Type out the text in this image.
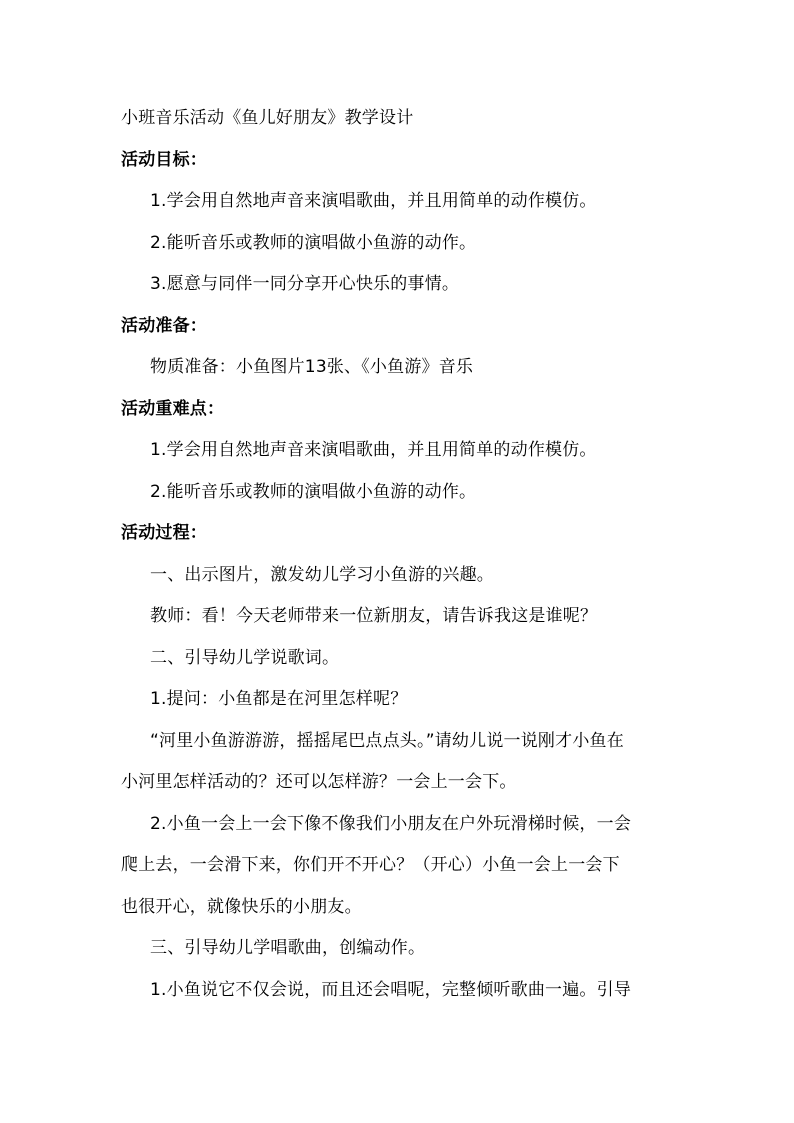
小班音乐活动《鱼儿好朋友》教学设计
活动目标：
1.学会用自然地声音来演唱歌曲，并且用简单的动作模仿。
2.能听音乐或教师的演唱做小鱼游的动作。
3.愿意与同伴一同分享开心快乐的事情。
活动准备：
物质准备：小鱼图片13张、《小鱼游》音乐
活动重难点：
1.学会用自然地声音来演唱歌曲，并且用简单的动作模仿。
2.能听音乐或教师的演唱做小鱼游的动作。
活动过程：
一、出示图片，激发幼儿学习小鱼游的兴趣。
教师：看！今天老师带来一位新朋友，请告诉我这是谁呢？
二、引导幼儿学说歌词。
1.提问：小鱼都是在河里怎样呢？
“河里小鱼游游游，摇摇尾巴点点头。”请幼儿说一说刚才小鱼在
小河里怎样活动的？还可以怎样游？一会上一会下。
2.小鱼一会上一会下像不像我们小朋友在户外玩滑梯时候，一会
爬上去，一会滑下来，你们开不开心？（开心）小鱼一会上一会下
也很开心，就像快乐的小朋友。
三、引导幼儿学唱歌曲，创编动作。
1.小鱼说它不仅会说，而且还会唱呢，完整倾听歌曲一遍。引导
